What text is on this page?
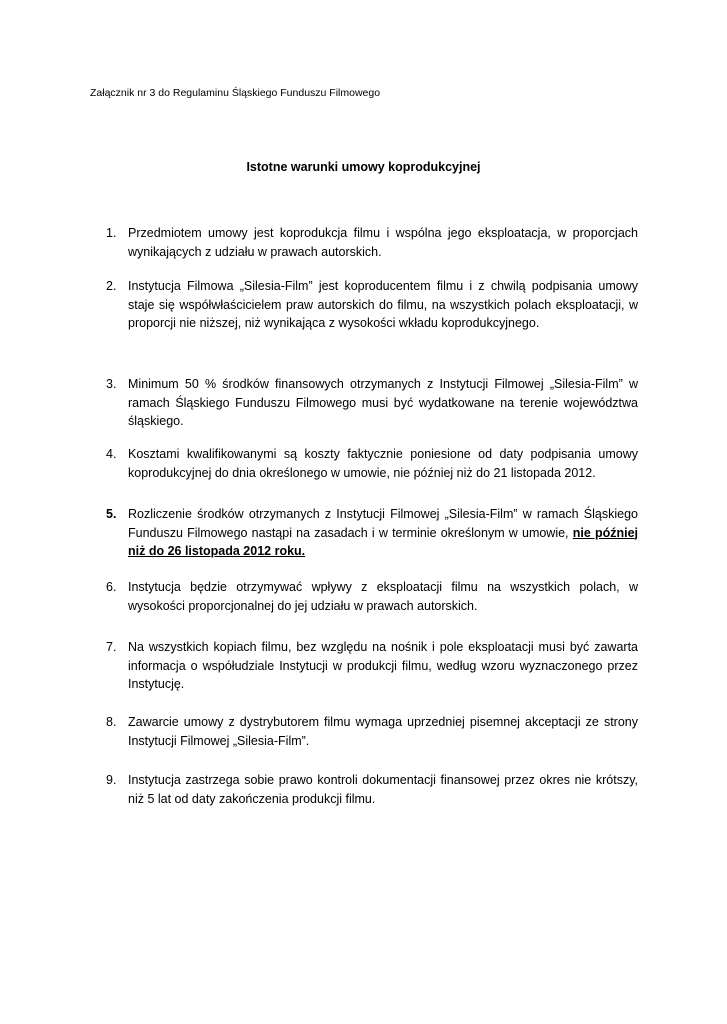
Załącznik nr 3 do Regulaminu Śląskiego Funduszu Filmowego
Istotne warunki umowy koprodukcyjnej
1. Przedmiotem umowy jest koprodukcja filmu i wspólna jego eksploatacja, w proporcjach wynikających z udziału w prawach autorskich.
2. Instytucja Filmowa „Silesia-Film” jest koproducentem filmu i z chwilą podpisania umowy staje się współwłaścicielem praw autorskich do filmu, na wszystkich polach eksploatacji, w proporcji nie niższej, niż wynikająca z wysokości wkładu koprodukcyjnego.
3. Minimum 50 % środków finansowych otrzymanych z Instytucji Filmowej „Silesia-Film” w ramach Śląskiego Funduszu Filmowego musi być wydatkowane na terenie województwa śląskiego.
4. Kosztami kwalifikowanymi są koszty faktycznie poniesione od daty podpisania umowy koprodukcyjnej do dnia określonego w umowie, nie później niż do 21 listopada 2012.
5. Rozliczenie środków otrzymanych z Instytucji Filmowej „Silesia-Film” w ramach Śląskiego Funduszu Filmowego nastąpi na zasadach i w terminie określonym w umowie, nie później niż do 26 listopada 2012 roku.
6. Instytucja będzie otrzymywać wpływy z eksploatacji filmu na wszystkich polach, w wysokości proporcjonalnej do jej udziału w prawach autorskich.
7. Na wszystkich kopiach filmu, bez względu na nośnik i pole eksploatacji musi być zawarta informacja o współudziale Instytucji w produkcji filmu, według wzoru wyznaczonego przez Instytucję.
8. Zawarcie umowy z dystrybutorem filmu wymaga uprzedniej pisemnej akceptacji ze strony Instytucji Filmowej „Silesia-Film”.
9. Instytucja zastrzega sobie prawo kontroli dokumentacji finansowej przez okres nie krótszy, niż 5 lat od daty zakończenia produkcji filmu.
